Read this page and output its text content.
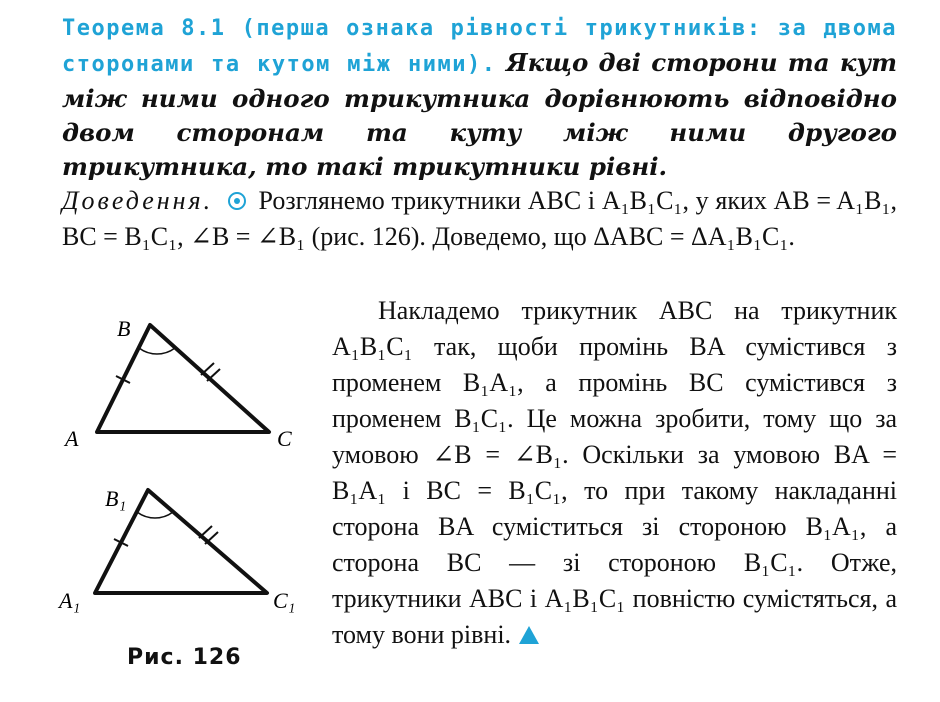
Теорема 8.1 (перша ознака рівності трикутників: за двома сторонами та кутом між ними). Якщо дві сторони та кут між ними одного трикутника дорівнюють відповідно двом сторонам та куту між ними другого трикутника, то такі трикутники рівні.
Доведення. Розглянемо трикутники ABC і A₁B₁C₁, у яких AB = A₁B₁, BC = B₁C₁, ∠B = ∠B₁ (рис. 126). Доведемо, що ΔABC = ΔA₁B₁C₁.
B
A	C
B₁
A₁	C₁
Рис. 126
Накладемо трикутник ABC на трикутник A₁B₁C₁ так, щоби промінь BA сумістився з променем B₁A₁, а промінь BC сумістився з променем B₁C₁. Це можна зробити, тому що за умовою ∠B = ∠B₁. Оскільки за умовою BA = B₁A₁ і BC = B₁C₁, то при такому накладанні сторона BA суміститься зі стороною B₁A₁, а сторона BC — зі стороною B₁C₁. Отже, трикутники ABC і A₁B₁C₁ повністю сумістяться, а тому вони рівні.
